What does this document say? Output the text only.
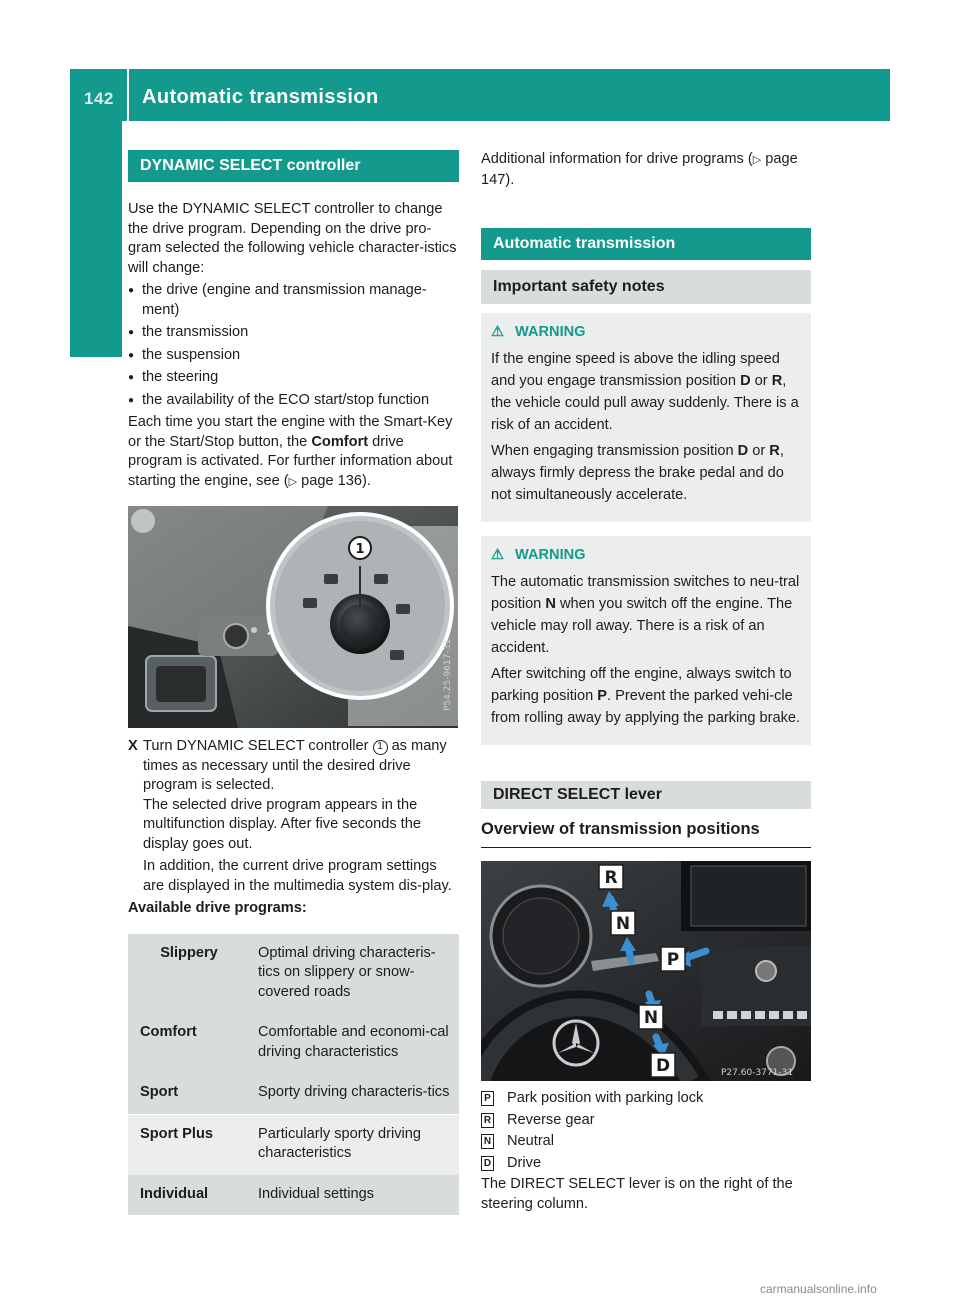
142 Automatic transmission
Driving and parking	DYNAMIC SELECT controller

Use the DYNAMIC SELECT controller to change the drive program. Depending on the drive pro-gram selected the following vehicle character-istics will change:

● the drive (engine and transmission manage-ment)
● the transmission
● the suspension
● the steering
● the availability of the ECO start/stop function

Each time you start the engine with the Smart-Key or the Start/Stop button, the Comfort drive program is activated. For further information about starting the engine, see (▷ page 136).

1
P54.25-9617-31
X Turn DYNAMIC SELECT controller 1 as many times as necessary until the desired drive program is selected.

The selected drive program appears in the multifunction display. After five seconds the display goes out.

In addition, the current drive program settings are displayed in the multimedia system dis-play.

Available drive programs:

Slippery	Optimal driving characteris-tics on slippery or snow-covered roads
Comfort	Comfortable and economi-cal driving characteristics
Sport	Sporty driving characteris-tics
Sport Plus	Particularly sporty driving characteristics
Individual	Individual settings

Additional information for drive programs (▷ page 147).

Automatic transmission
Important safety notes
⚠ WARNING

If the engine speed is above the idling speed and you engage transmission position D or R, the vehicle could pull away suddenly. There is a risk of an accident.

When engaging transmission position D or R, always firmly depress the brake pedal and do not simultaneously accelerate.

⚠ WARNING

The automatic transmission switches to neu-tral position N when you switch off the engine. The vehicle may roll away. There is a risk of an accident.

After switching off the engine, always switch to parking position P. Prevent the parked vehi-cle from rolling away by applying the parking brake.

DIRECT SELECT lever
Overview of transmission positions
R
N
P
N
D	P27.60-3771-31
P Park position with parking lock
R Reverse gear
N Neutral
D Drive

The DIRECT SELECT lever is on the right of the steering column.

carmanualsonline.info
